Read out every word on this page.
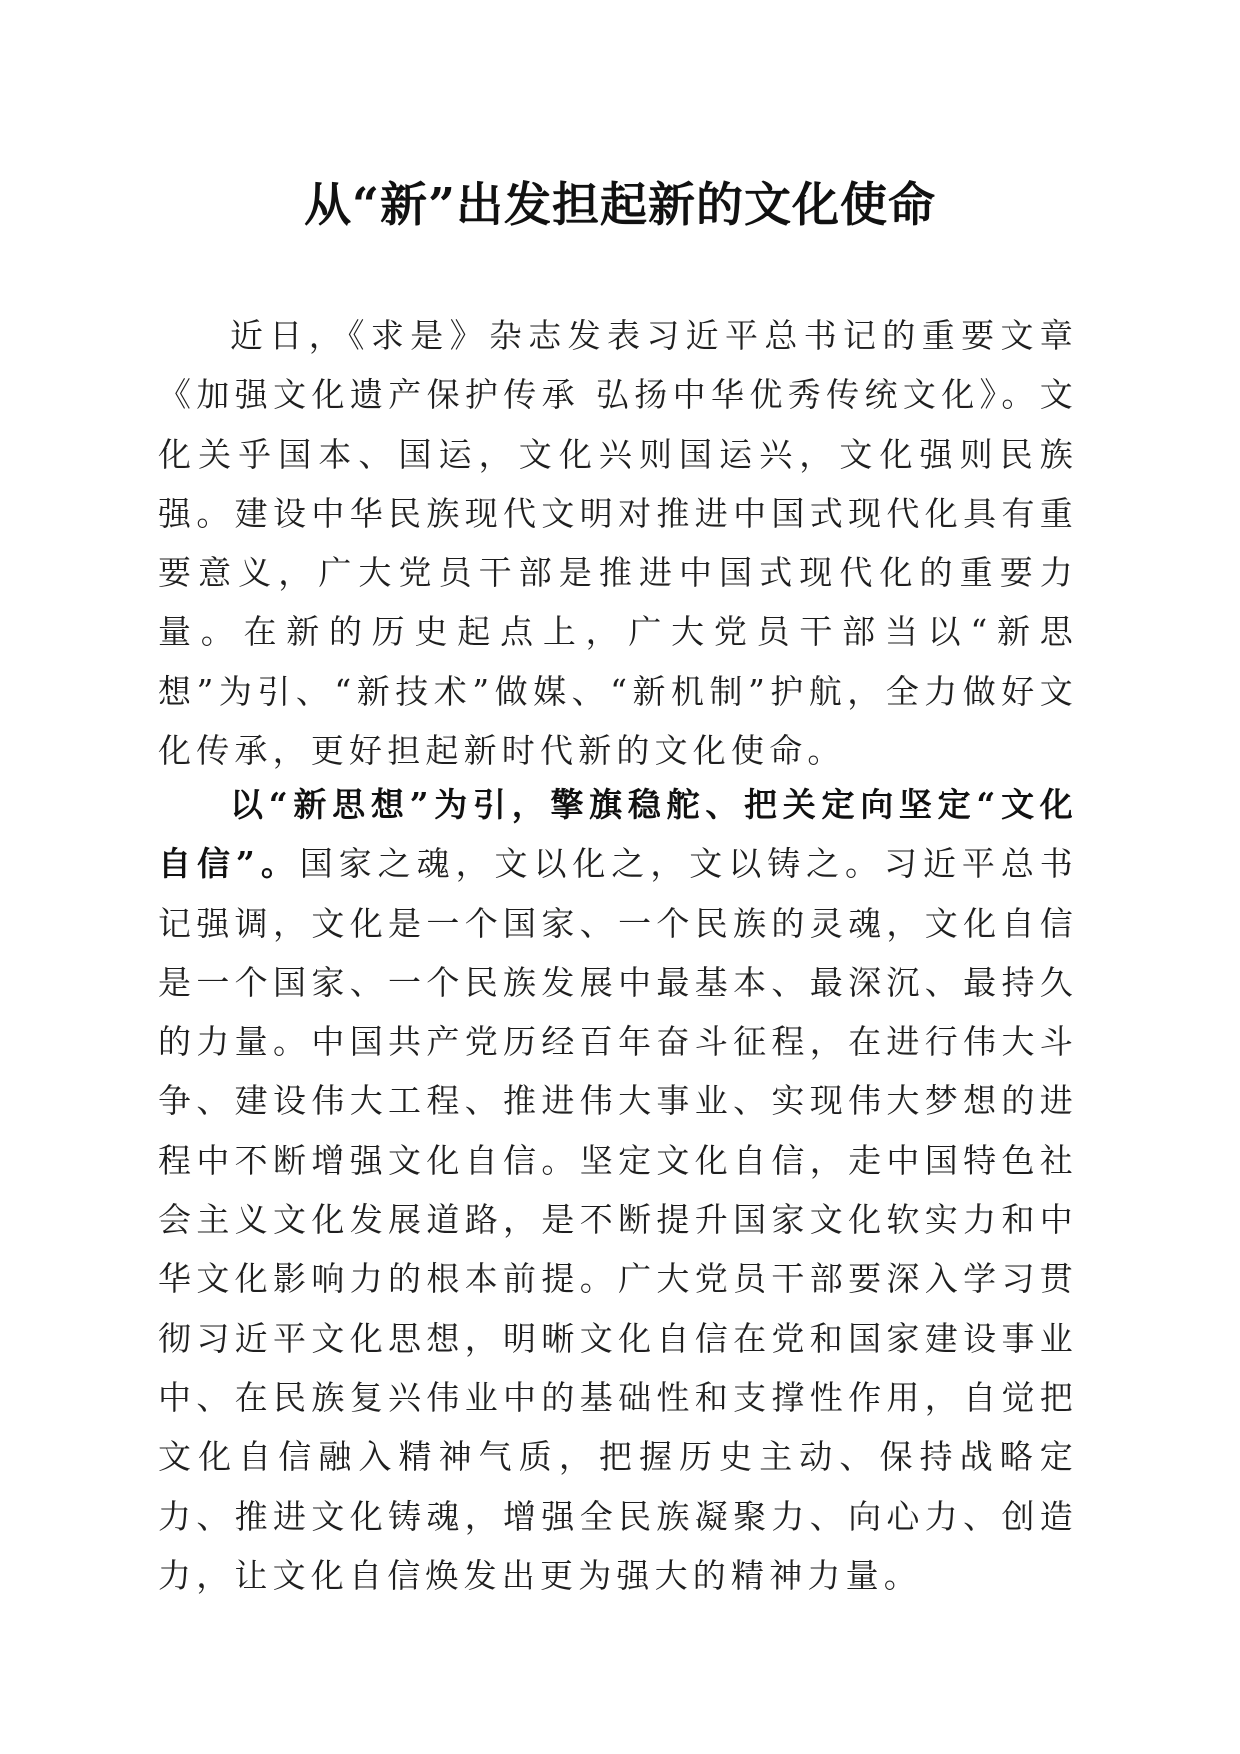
从“新”出发担起新的文化使命

近日，《求是》杂志发表习近平总书记的重要文章《加强文化遗产保护传承 弘扬中华优秀传统文化》。文化关乎国本、国运，文化兴则国运兴，文化强则民族强。建设中华民族现代文明对推进中国式现代化具有重要意义，广大党员干部是推进中国式现代化的重要力量。在新的历史起点上，广大党员干部当以“新思想”为引、“新技术”做媒、“新机制”护航，全力做好文化传承，更好担起新时代新的文化使命。

以“新思想”为引，擎旗稳舵、把关定向坚定“文化自信”。国家之魂，文以化之，文以铸之。习近平总书记强调，文化是一个国家、一个民族的灵魂，文化自信是一个国家、一个民族发展中最基本、最深沉、最持久的力量。中国共产党历经百年奋斗征程，在进行伟大斗争、建设伟大工程、推进伟大事业、实现伟大梦想的进程中不断增强文化自信。坚定文化自信，走中国特色社会主义文化发展道路，是不断提升国家文化软实力和中华文化影响力的根本前提。广大党员干部要深入学习贯彻习近平文化思想，明晰文化自信在党和国家建设事业中、在民族复兴伟业中的基础性和支撑性作用，自觉把文化自信融入精神气质，把握历史主动、保持战略定力、推进文化铸魂，增强全民族凝聚力、向心力、创造力，让文化自信焕发出更为强大的精神力量。
